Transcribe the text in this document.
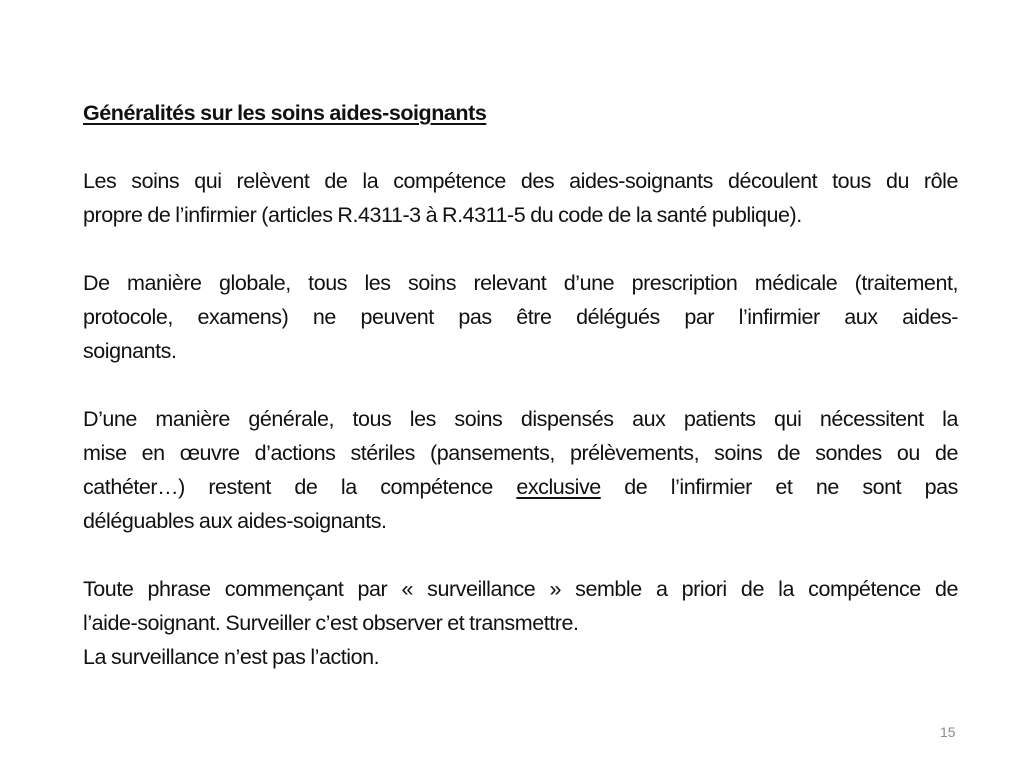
Généralités sur les soins aides-soignants
Les soins qui relèvent de la compétence des aides-soignants découlent tous du rôle
propre de l’infirmier (articles R.4311-3 à R.4311-5 du code de la santé publique).
De manière globale, tous les soins relevant d’une prescription médicale (traitement,
protocole, examens) ne peuvent pas être délégués par l’infirmier aux aides-
soignants.
D’une manière générale, tous les soins dispensés aux patients qui nécessitent la
mise en œuvre d’actions stériles (pansements, prélèvements, soins de sondes ou de
cathéter…) restent de la compétence exclusive de l’infirmier et ne sont pas
déléguables aux aides-soignants.
Toute phrase commençant par « surveillance » semble a priori de la compétence de
l’aide-soignant. Surveiller c’est observer et transmettre.
La surveillance n’est pas l’action.
15
